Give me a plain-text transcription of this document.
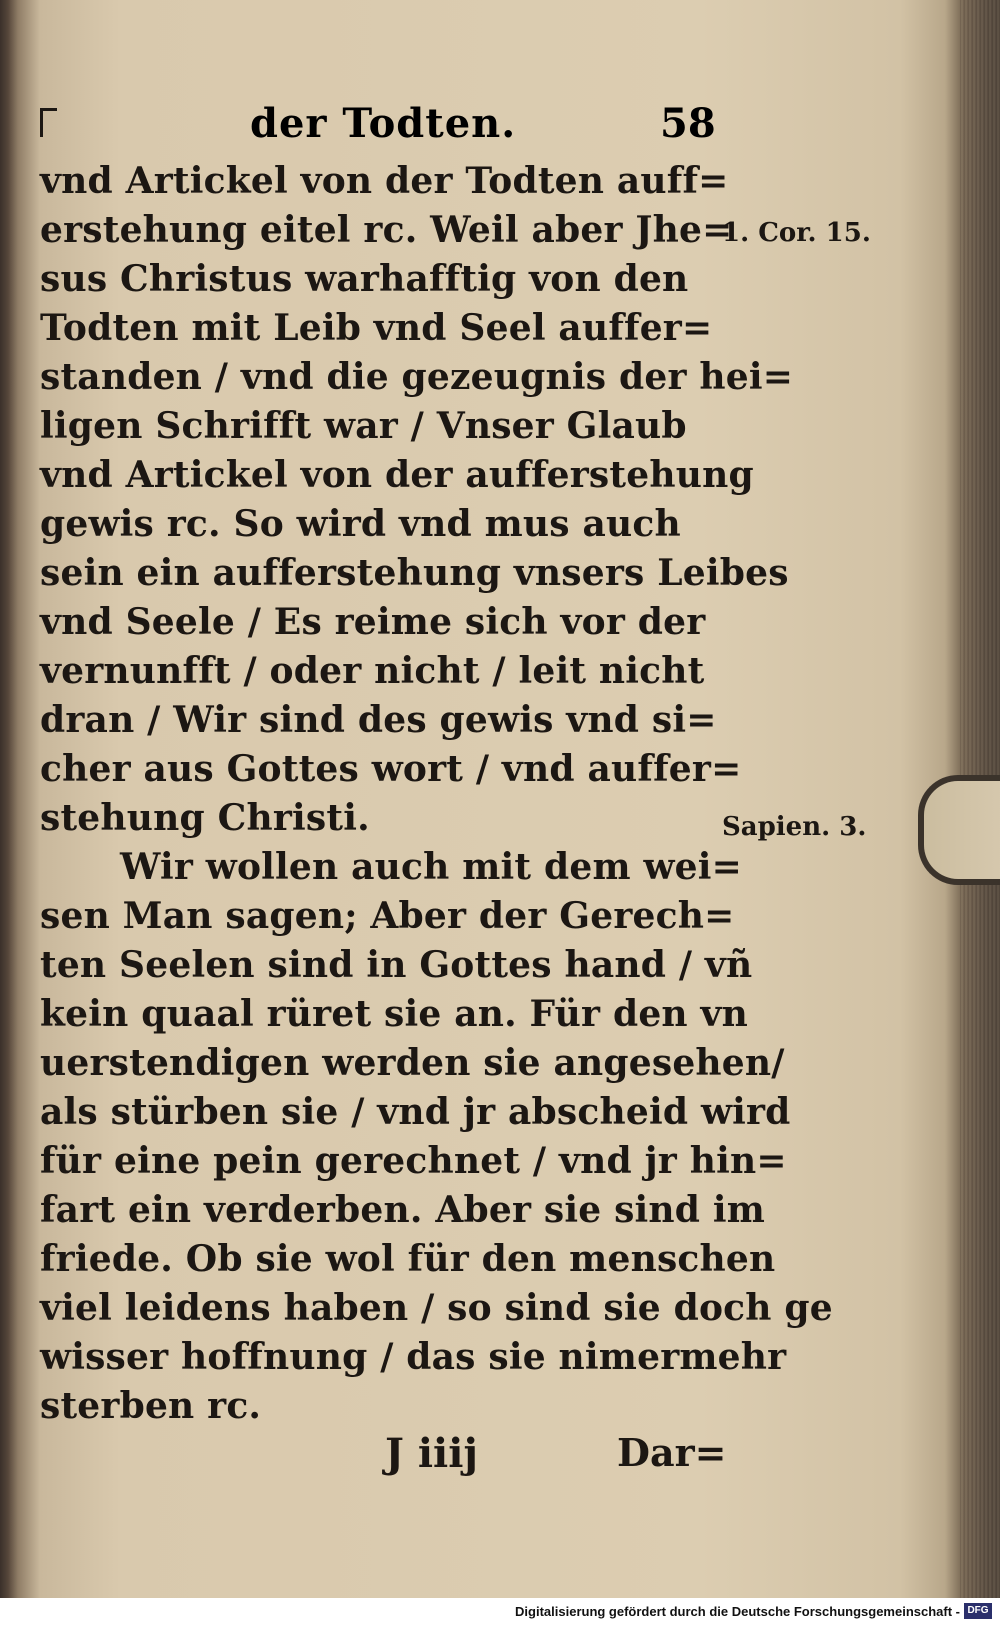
der Todten.	58
vnd Artickel von der Todten auff=
erstehung eitel rc. Weil aber Jhe=
sus Christus warhafftig von den
Todten mit Leib vnd Seel auffer=
standen / vnd die gezeugnis der hei=
ligen Schrifft war / Vnser Glaub
vnd Artickel von der aufferstehung
gewis rc. So wird vnd mus auch
sein ein aufferstehung vnsers Leibes
vnd Seele / Es reime sich vor der
vernunfft / oder nicht / leit nicht
dran / Wir sind des gewis vnd si=
cher aus Gottes wort / vnd auffer=
stehung Christi.
Wir wollen auch mit dem wei=
sen Man sagen; Aber der Gerech=
ten Seelen sind in Gottes hand / vñ
kein quaal rüret sie an. Für den vn
uerstendigen werden sie angesehen/
als stürben sie / vnd jr abscheid wird
für eine pein gerechnet / vnd jr hin=
fart ein verderben. Aber sie sind im
friede. Ob sie wol für den menschen
viel leidens haben / so sind sie doch ge
wisser hoffnung / das sie nimermehr
sterben rc.
1. Cor. 15.
Sapien. 3.
J iiij	Dar=
Digitalisierung gefördert durch die Deutsche Forschungsgemeinschaft - DFG
